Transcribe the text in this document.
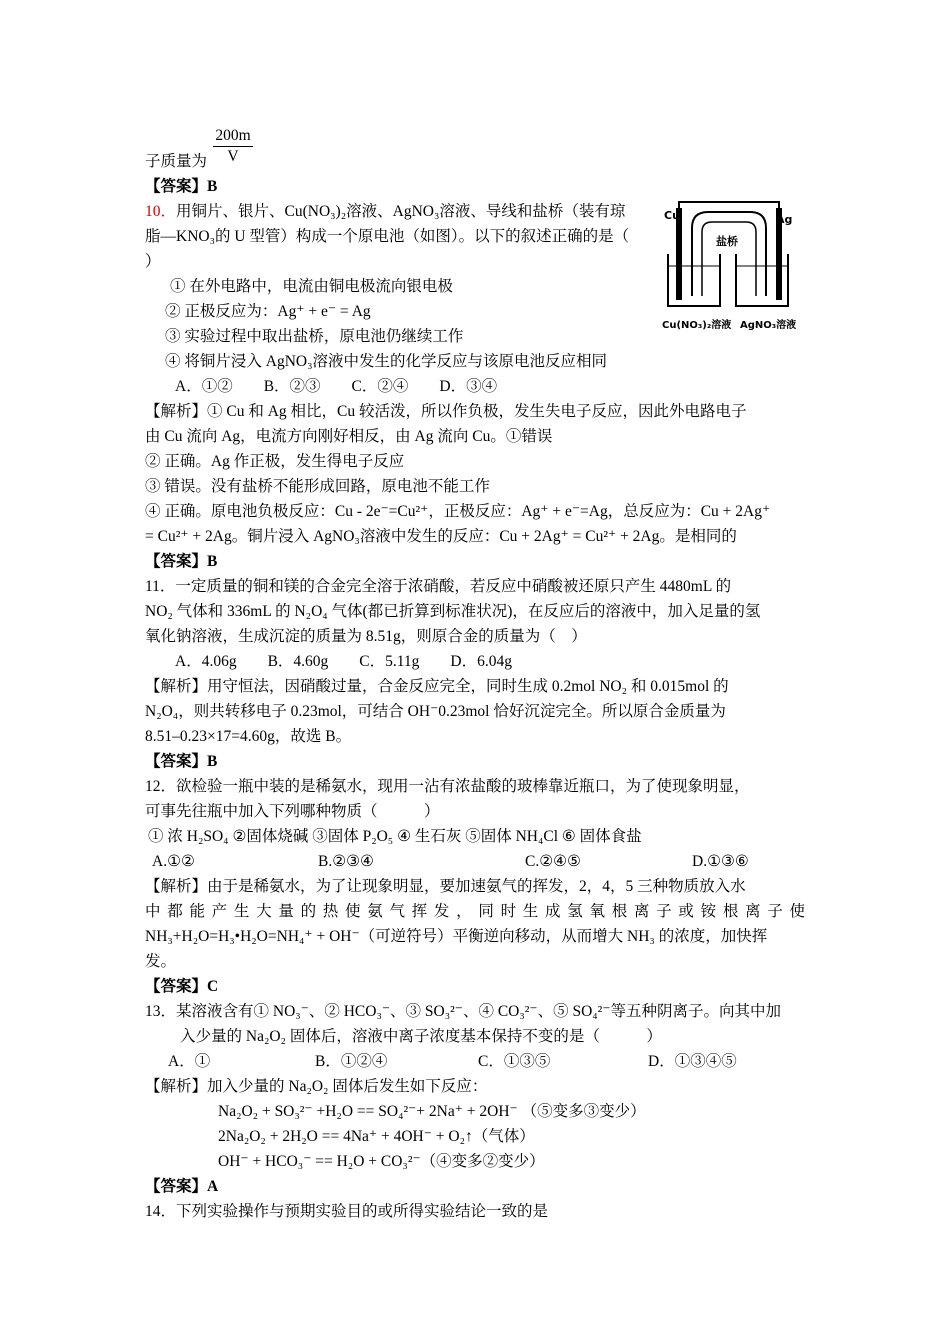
200m
V
子质量为
【答案】B
10．用铜片、银片、Cu(NO₃)₂溶液、AgNO₃溶液、导线和盐桥（装有琼
脂—KNO₃的 U 型管）构成一个原电池（如图）。以下的叙述正确的是（
）
① 在外电路中，电流由铜电极流向银电极
② 正极反应为：Ag⁺ + e⁻ = Ag
③ 实验过程中取出盐桥，原电池仍继续工作
④ 将铜片浸入 AgNO₃溶液中发生的化学反应与该原电池反应相同
A．①②　　B．②③　　C．②④　　D．③④
Cu	Ag
盐桥
Cu(NO₃)₂溶液 AgNO₃溶液
【解析】① Cu 和 Ag 相比，Cu 较活泼，所以作负极，发生失电子反应，因此外电路电子
由 Cu 流向 Ag，电流方向刚好相反，由 Ag 流向 Cu。①错误
② 正确。Ag 作正极，发生得电子反应
③ 错误。没有盐桥不能形成回路，原电池不能工作
④ 正确。原电池负极反应：Cu - 2e⁻=Cu²⁺，正极反应：Ag⁺ + e⁻=Ag，总反应为：Cu + 2Ag⁺
= Cu²⁺ + 2Ag。铜片浸入 AgNO₃溶液中发生的反应：Cu + 2Ag⁺ = Cu²⁺ + 2Ag。是相同的
【答案】B
11．一定质量的铜和镁的合金完全溶于浓硝酸，若反应中硝酸被还原只产生 4480mL 的
NO₂ 气体和 336mL 的 N₂O₄ 气体(都已折算到标准状况)，在反应后的溶液中，加入足量的氢
氧化钠溶液，生成沉淀的质量为 8.51g，则原合金的质量为（　）
A．4.06g　　B．4.60g　　C．5.11g　　D．6.04g
【解析】用守恒法，因硝酸过量，合金反应完全，同时生成 0.2mol NO₂ 和 0.015mol 的
N₂O₄，则共转移电子 0.23mol，可结合 OH⁻0.23mol 恰好沉淀完全。所以原合金质量为
8.51–0.23×17=4.60g，故选 B。
【答案】B
12．欲检验一瓶中装的是稀氨水，现用一沾有浓盐酸的玻棒靠近瓶口，为了使现象明显，
可事先往瓶中加入下列哪种物质（　　　）
① 浓 H₂SO₄ ②固体烧碱 ③固体 P₂O₅ ④ 生石灰 ⑤固体 NH₄Cl ⑥ 固体食盐
A.①②	B.②③④	C.②④⑤	D.①③⑥
【解析】由于是稀氨水，为了让现象明显，要加速氨气的挥发，2，4，5 三种物质放入水
中都能产生大量的热使氨气挥发，同时生成氢氧根离子或铵根离子使
NH₃+H₂O=H₃•H₂O=NH₄⁺ + OH⁻（可逆符号）平衡逆向移动，从而增大 NH₃ 的浓度，加快挥
发。
【答案】C
13．某溶液含有① NO₃⁻、② HCO₃⁻、③ SO₃²⁻、④ CO₃²⁻、⑤ SO₄²⁻等五种阴离子。向其中加
入少量的 Na₂O₂ 固体后，溶液中离子浓度基本保持不变的是（　　　）
A．①	B．①②④	C．①③⑤	D．①③④⑤
【解析】加入少量的 Na₂O₂ 固体后发生如下反应：
Na₂O₂ + SO₃²⁻ +H₂O == SO₄²⁻+ 2Na⁺ + 2OH⁻ （⑤变多③变少）
2Na₂O₂ + 2H₂O == 4Na⁺ + 4OH⁻ + O₂↑（气体）
OH⁻ + HCO₃⁻ == H₂O + CO₃²⁻（④变多②变少）
【答案】A
14．下列实验操作与预期实验目的或所得实验结论一致的是
